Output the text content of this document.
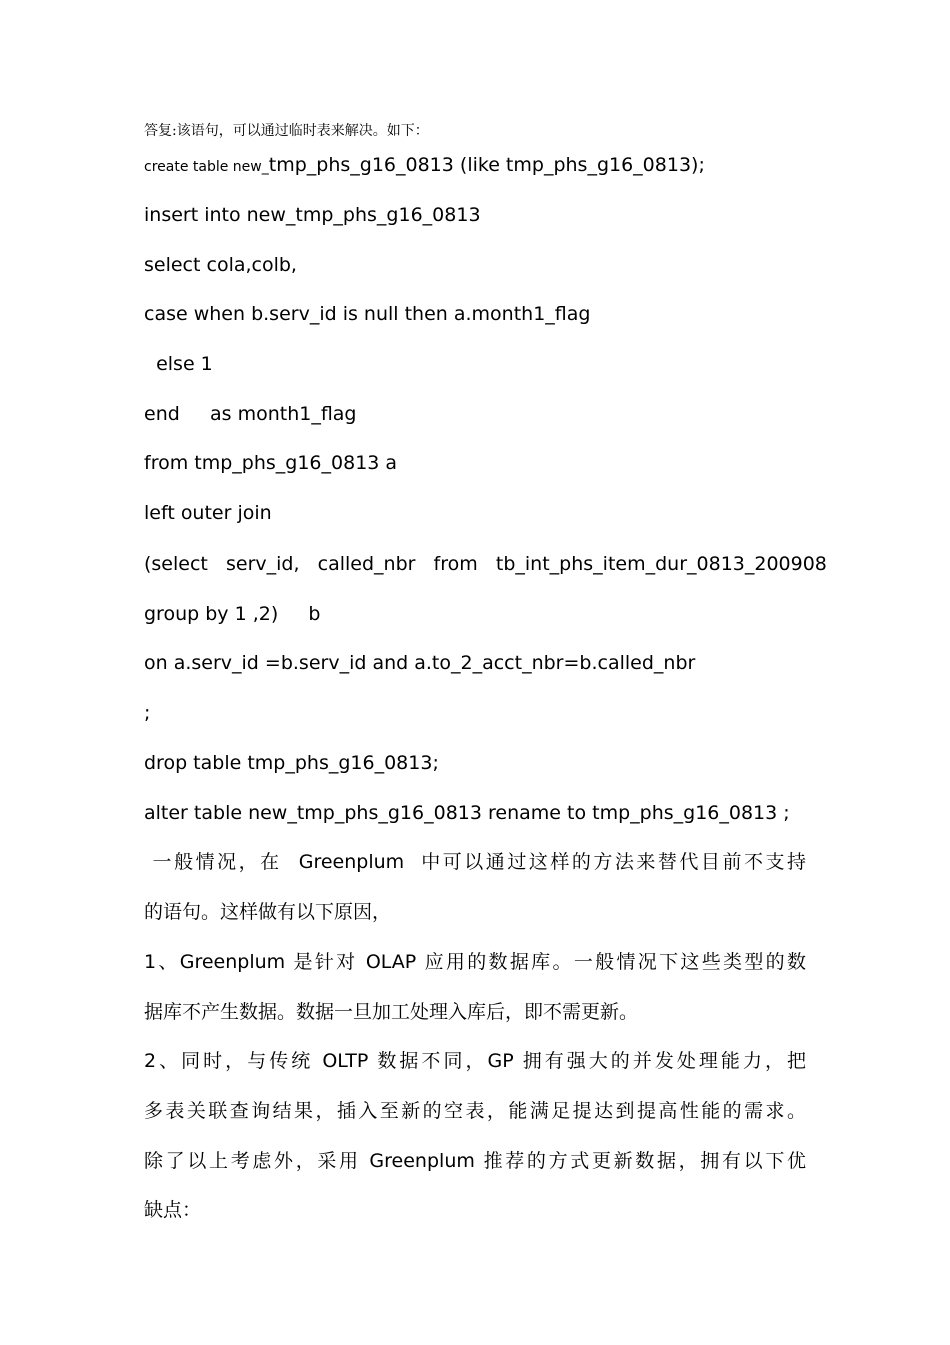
答复:该语句，可以通过临时表来解决。如下：
create table new_tmp_phs_g16_0813 (like tmp_phs_g16_0813);
insert into new_tmp_phs_g16_0813
select cola,colb,
case when b.serv_id is null then a.month1_flag
else 1
end     as month1_flag
from tmp_phs_g16_0813 a
left outer join
(select   serv_id,   called_nbr   from   tb_int_phs_item_dur_0813_200908
group by 1 ,2)     b
on a.serv_id =b.serv_id and a.to_2_acct_nbr=b.called_nbr
;
drop table tmp_phs_g16_0813;
alter table new_tmp_phs_g16_0813 rename to tmp_phs_g16_0813 ;
一般情况，在  Greenplum  中可以通过这样的方法来替代目前不支持
的语句。这样做有以下原因，
1、Greenplum 是针对 OLAP 应用的数据库。一般情况下这些类型的数
据库不产生数据。数据一旦加工处理入库后，即不需更新。
2、同时，与传统 OLTP 数据不同，GP 拥有强大的并发处理能力，把
多表关联查询结果，插入至新的空表，能满足提达到提高性能的需求。
除了以上考虑外，采用 Greenplum 推荐的方式更新数据，拥有以下优
缺点：
